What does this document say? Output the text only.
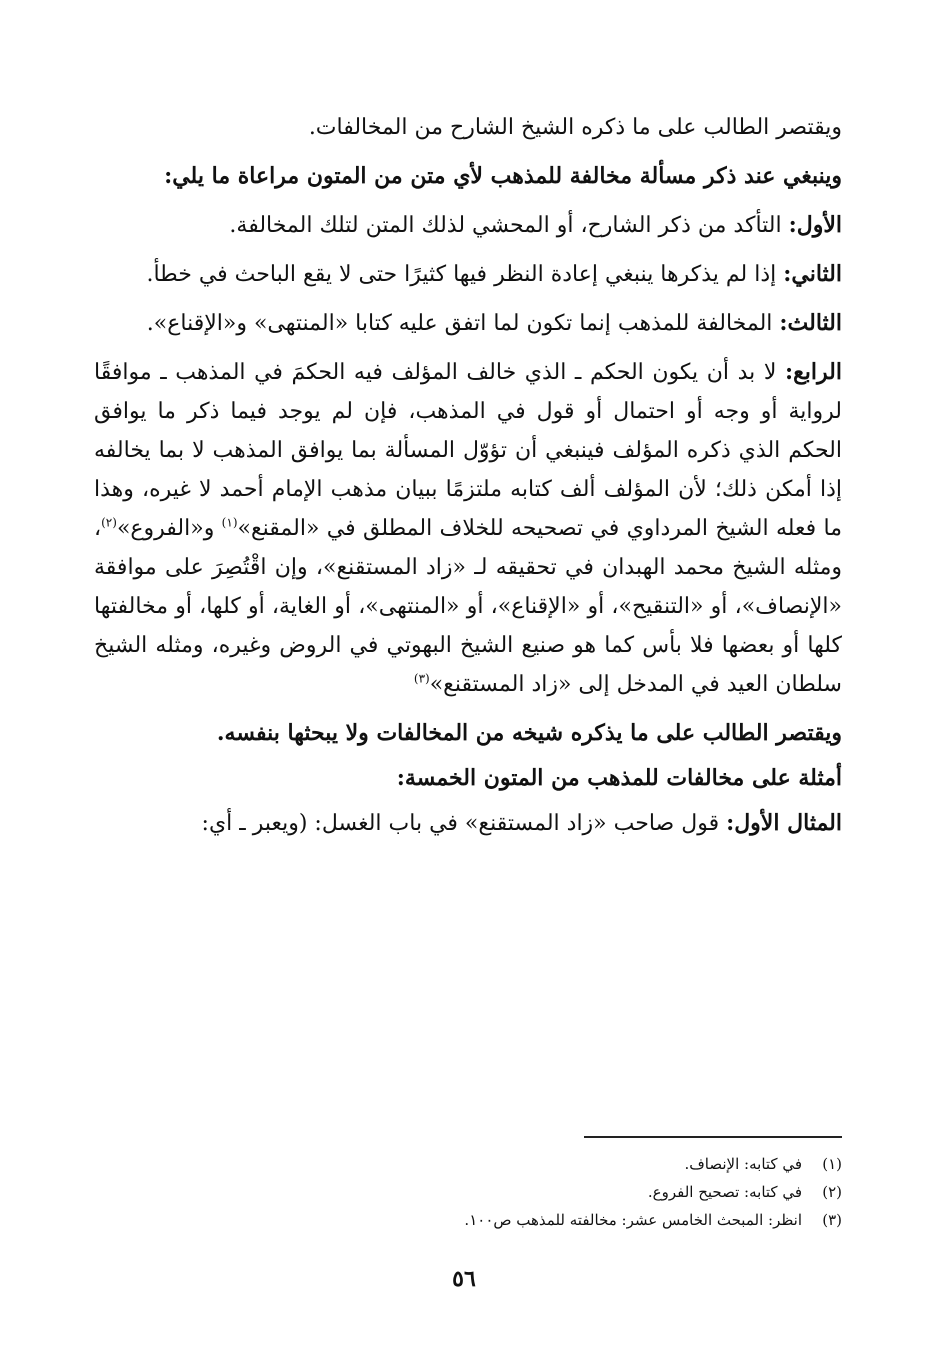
ويقتصر الطالب على ما ذكره الشيخ الشارح من المخالفات.

وينبغي عند ذكر مسألة مخالفة للمذهب لأي متن من المتون مراعاة ما يلي:

الأول: التأكد من ذكر الشارح، أو المحشي لذلك المتن لتلك المخالفة.

الثاني: إذا لم يذكرها ينبغي إعادة النظر فيها كثيرًا حتى لا يقع الباحث في خطأ.

الثالث: المخالفة للمذهب إنما تكون لما اتفق عليه كتابا «المنتهى» و«الإقناع».

الرابع: لا بد أن يكون الحكم ـ الذي خالف المؤلف فيه الحكمَ في المذهب ـ موافقًا لرواية أو وجه أو احتمال أو قول في المذهب، فإن لم يوجد فيما ذكر ما يوافق الحكم الذي ذكره المؤلف فينبغي أن تؤوّل المسألة بما يوافق المذهب لا بما يخالفه إذا أمكن ذلك؛ لأن المؤلف ألف كتابه ملتزمًا ببيان مذهب الإمام أحمد لا غيره، وهذا ما فعله الشيخ المرداوي في تصحيحه للخلاف المطلق في «المقنع»$^{(١)}$ و«الفروع»$^{(٢)}$، ومثله الشيخ محمد الهبدان في تحقيقه لـ «زاد المستقنع»، وإن اقْتُصِرَ على موافقة «الإنصاف»، أو «التنقيح»، أو «الإقناع»، أو «المنتهى»، أو الغاية، أو كلها، أو مخالفتها كلها أو بعضها فلا بأس كما هو صنيع الشيخ البهوتي في الروض وغيره، ومثله الشيخ سلطان العيد في المدخل إلى «زاد المستقنع»$^{(٣)}$

ويقتصر الطالب على ما يذكره شيخه من المخالفات ولا يبحثها بنفسه.

أمثلة على مخالفات للمذهب من المتون الخمسة:

المثال الأول: قول صاحب «زاد المستقنع» في باب الغسل: (ويعبر ـ أي:

(١)
في كتابه: الإنصاف.
(٢)
في كتابه: تصحيح الفروع.
(٣)
انظر: المبحث الخامس عشر: مخالفته للمذهب ص١٠٠.
٥٦
